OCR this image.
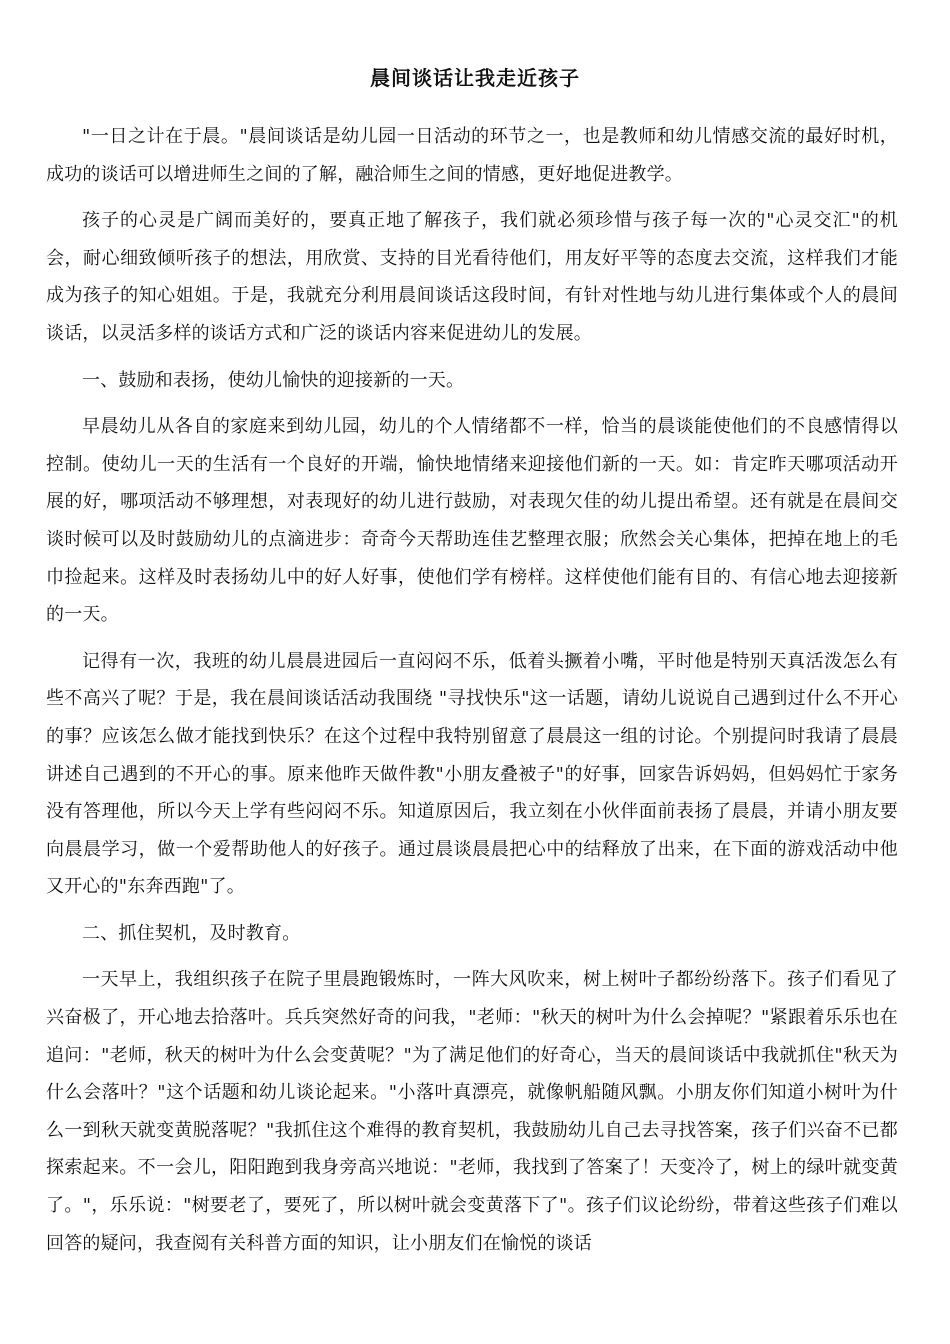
晨间谈话让我走近孩子

"一日之计在于晨。"晨间谈话是幼儿园一日活动的环节之一，也是教师和幼儿情感交流的最好时机，成功的谈话可以增进师生之间的了解，融洽师生之间的情感，更好地促进教学。

孩子的心灵是广阔而美好的，要真正地了解孩子，我们就必须珍惜与孩子每一次的"心灵交汇"的机会，耐心细致倾听孩子的想法，用欣赏、支持的目光看待他们，用友好平等的态度去交流，这样我们才能成为孩子的知心姐姐。于是，我就充分利用晨间谈话这段时间，有针对性地与幼儿进行集体或个人的晨间谈话，以灵活多样的谈话方式和广泛的谈话内容来促进幼儿的发展。

一、鼓励和表扬，使幼儿愉快的迎接新的一天。

早晨幼儿从各自的家庭来到幼儿园，幼儿的个人情绪都不一样，恰当的晨谈能使他们的不良感情得以控制。使幼儿一天的生活有一个良好的开端，愉快地情绪来迎接他们新的一天。如：肯定昨天哪项活动开展的好，哪项活动不够理想，对表现好的幼儿进行鼓励，对表现欠佳的幼儿提出希望。还有就是在晨间交谈时候可以及时鼓励幼儿的点滴进步：奇奇今天帮助连佳艺整理衣服；欣然会关心集体，把掉在地上的毛巾捡起来。这样及时表扬幼儿中的好人好事，使他们学有榜样。这样使他们能有目的、有信心地去迎接新的一天。

记得有一次，我班的幼儿晨晨进园后一直闷闷不乐，低着头撅着小嘴，平时他是特别天真活泼怎么有些不高兴了呢？于是，我在晨间谈话活动我围绕 "寻找快乐"这一话题，请幼儿说说自己遇到过什么不开心的事？应该怎么做才能找到快乐？在这个过程中我特别留意了晨晨这一组的讨论。个别提问时我请了晨晨讲述自己遇到的不开心的事。原来他昨天做件教"小朋友叠被子"的好事，回家告诉妈妈，但妈妈忙于家务没有答理他，所以今天上学有些闷闷不乐。知道原因后，我立刻在小伙伴面前表扬了晨晨，并请小朋友要向晨晨学习，做一个爱帮助他人的好孩子。通过晨谈晨晨把心中的结释放了出来，在下面的游戏活动中他又开心的"东奔西跑"了。

二、抓住契机，及时教育。

一天早上，我组织孩子在院子里晨跑锻炼时，一阵大风吹来，树上树叶子都纷纷落下。孩子们看见了兴奋极了，开心地去拾落叶。兵兵突然好奇的问我，"老师："秋天的树叶为什么会掉呢？"紧跟着乐乐也在追问："老师，秋天的树叶为什么会变黄呢？"为了满足他们的好奇心，当天的晨间谈话中我就抓住"秋天为什么会落叶？"这个话题和幼儿谈论起来。"小落叶真漂亮，就像帆船随风飘。小朋友你们知道小树叶为什么一到秋天就变黄脱落呢？"我抓住这个难得的教育契机，我鼓励幼儿自己去寻找答案，孩子们兴奋不已都探索起来。不一会儿，阳阳跑到我身旁高兴地说："老师，我找到了答案了！天变冷了，树上的绿叶就变黄了。"，乐乐说："树要老了，要死了，所以树叶就会变黄落下了"。孩子们议论纷纷，带着这些孩子们难以回答的疑问，我查阅有关科普方面的知识，让小朋友们在愉悦的谈话
